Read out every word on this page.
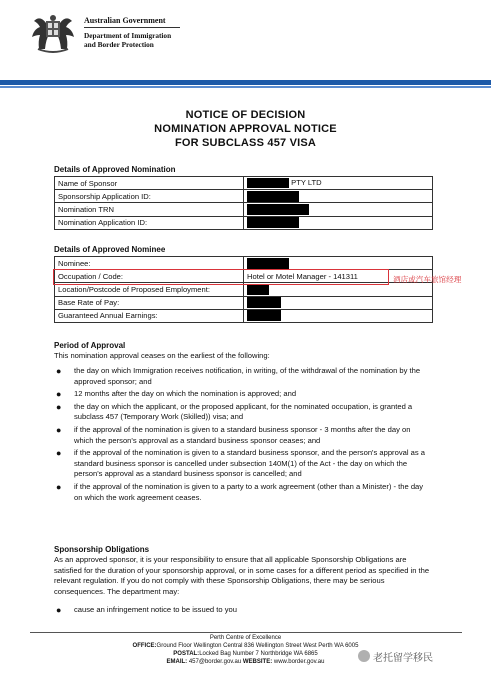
Australian Government
Department of Immigration
and Border Protection
NOTICE OF DECISION
NOMINATION APPROVAL NOTICE
FOR SUBCLASS 457 VISA
Details of Approved Nomination
Name of Sponsor	PTY LTD
Sponsorship Application ID:	
Nomination TRN	
Nomination Application ID:	
Details of Approved Nominee
Nominee:	
Occupation / Code:	Hotel or Motel Manager - 141311
Location/Postcode of Proposed Employment:	
Base Rate of Pay:	
Guaranteed Annual Earnings:	
酒店或汽车旅馆经理
Period of Approval
This nomination approval ceases on the earliest of the following:
● the day on which Immigration receives notification, in writing, of the withdrawal of the nomination by the approved sponsor; and
● 12 months after the day on which the nomination is approved; and
● the day on which the applicant, or the proposed applicant, for the nominated occupation, is granted a subclass 457 (Temporary Work (Skilled)) visa; and
● if the approval of the nomination is given to a standard business sponsor - 3 months after the day on which the person's approval as a standard business sponsor ceases; and
● if the approval of the nomination is given to a standard business sponsor, and the person's approval as a standard business sponsor is cancelled under subsection 140M(1) of the Act - the day on which the person's approval as a standard business sponsor is cancelled; and
● if the approval of the nomination is given to a party to a work agreement (other than a Minister) - the day on which the work agreement ceases.
Sponsorship Obligations
As an approved sponsor, it is your responsibility to ensure that all applicable Sponsorship Obligations are satisfied for the duration of your sponsorship approval, or in some cases for a different period as specified in the relevant regulation. If you do not comply with these Sponsorship Obligations, there may be serious consequences. The department may:
● cause an infringement notice to be issued to you
Perth Centre of Excellence
OFFICE:Ground Floor Wellington Central 836 Wellington Street West Perth WA 6005
POSTAL:Locked Bag Number 7 Northbridge WA 6865
EMAIL: 457@border.gov.au WEBSITE: www.border.gov.au	老托留学移民
